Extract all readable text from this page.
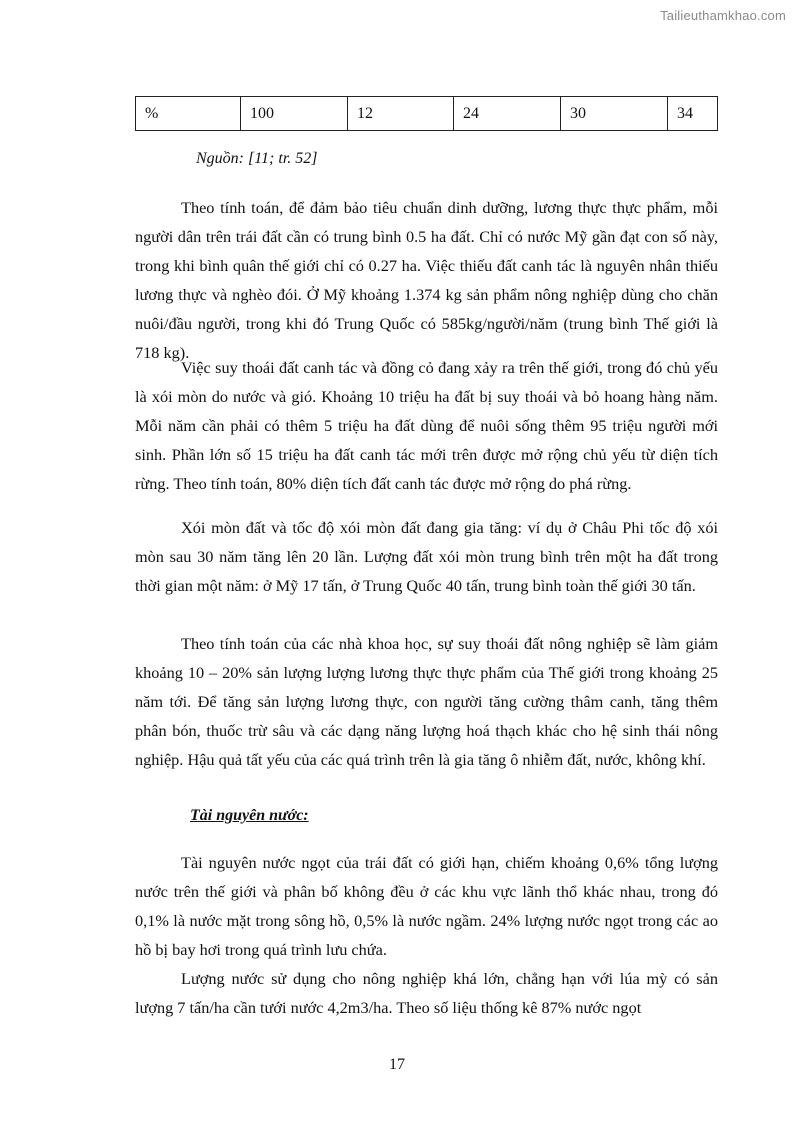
Tailieuthamkhao.com
%	100	12	24	30	34
Nguồn: [11; tr. 52]

Theo tính toán, để đảm bảo tiêu chuẩn dinh dưỡng, lương thực thực phẩm, mỗi người dân trên trái đất cần có trung bình 0.5 ha đất. Chỉ có nước Mỹ gần đạt con số này, trong khi bình quân thế giới chỉ có 0.27 ha. Việc thiếu đất canh tác là nguyên nhân thiếu lương thực và nghèo đói. Ở Mỹ khoảng 1.374 kg sản phẩm nông nghiệp dùng cho chăn nuôi/đầu người, trong khi đó Trung Quốc có 585kg/người/năm (trung bình Thế giới là 718 kg).

Việc suy thoái đất canh tác và đồng cỏ đang xảy ra trên thế giới, trong đó chủ yếu là xói mòn do nước và gió. Khoảng 10 triệu ha đất bị suy thoái và bỏ hoang hàng năm. Mỗi năm cần phải có thêm 5 triệu ha đất dùng để nuôi sống thêm 95 triệu người mới sinh. Phần lớn số 15 triệu ha đất canh tác mới trên được mở rộng chủ yếu từ diện tích rừng. Theo tính toán, 80% diện tích đất canh tác được mở rộng do phá rừng.

Xói mòn đất và tốc độ xói mòn đất đang gia tăng: ví dụ ở Châu Phi tốc độ xói mòn sau 30 năm tăng lên 20 lần. Lượng đất xói mòn trung bình trên một ha đất trong thời gian một năm: ở Mỹ 17 tấn, ở Trung Quốc 40 tấn, trung bình toàn thế giới 30 tấn.

Theo tính toán của các nhà khoa học, sự suy thoái đất nông nghiệp sẽ làm giảm khoảng 10 – 20% sản lượng lượng lương thực thực phẩm của Thế giới trong khoảng 25 năm tới. Để tăng sản lượng lương thực, con người tăng cường thâm canh, tăng thêm phân bón, thuốc trừ sâu và các dạng năng lượng hoá thạch khác cho hệ sinh thái nông nghiệp. Hậu quả tất yếu của các quá trình trên là gia tăng ô nhiễm đất, nước, không khí.

Tài nguyên nước:

Tài nguyên nước ngọt của trái đất có giới hạn, chiếm khoảng 0,6% tổng lượng nước trên thế giới và phân bố không đều ở các khu vực lãnh thổ khác nhau, trong đó 0,1% là nước mặt trong sông hồ, 0,5% là nước ngầm. 24% lượng nước ngọt trong các ao hồ bị bay hơi trong quá trình lưu chứa.

Lượng nước sử dụng cho nông nghiệp khá lớn, chẳng hạn với lúa mỳ có sản lượng 7 tấn/ha cần tưới nước 4,2m3/ha. Theo số liệu thống kê 87% nước ngọt

17
